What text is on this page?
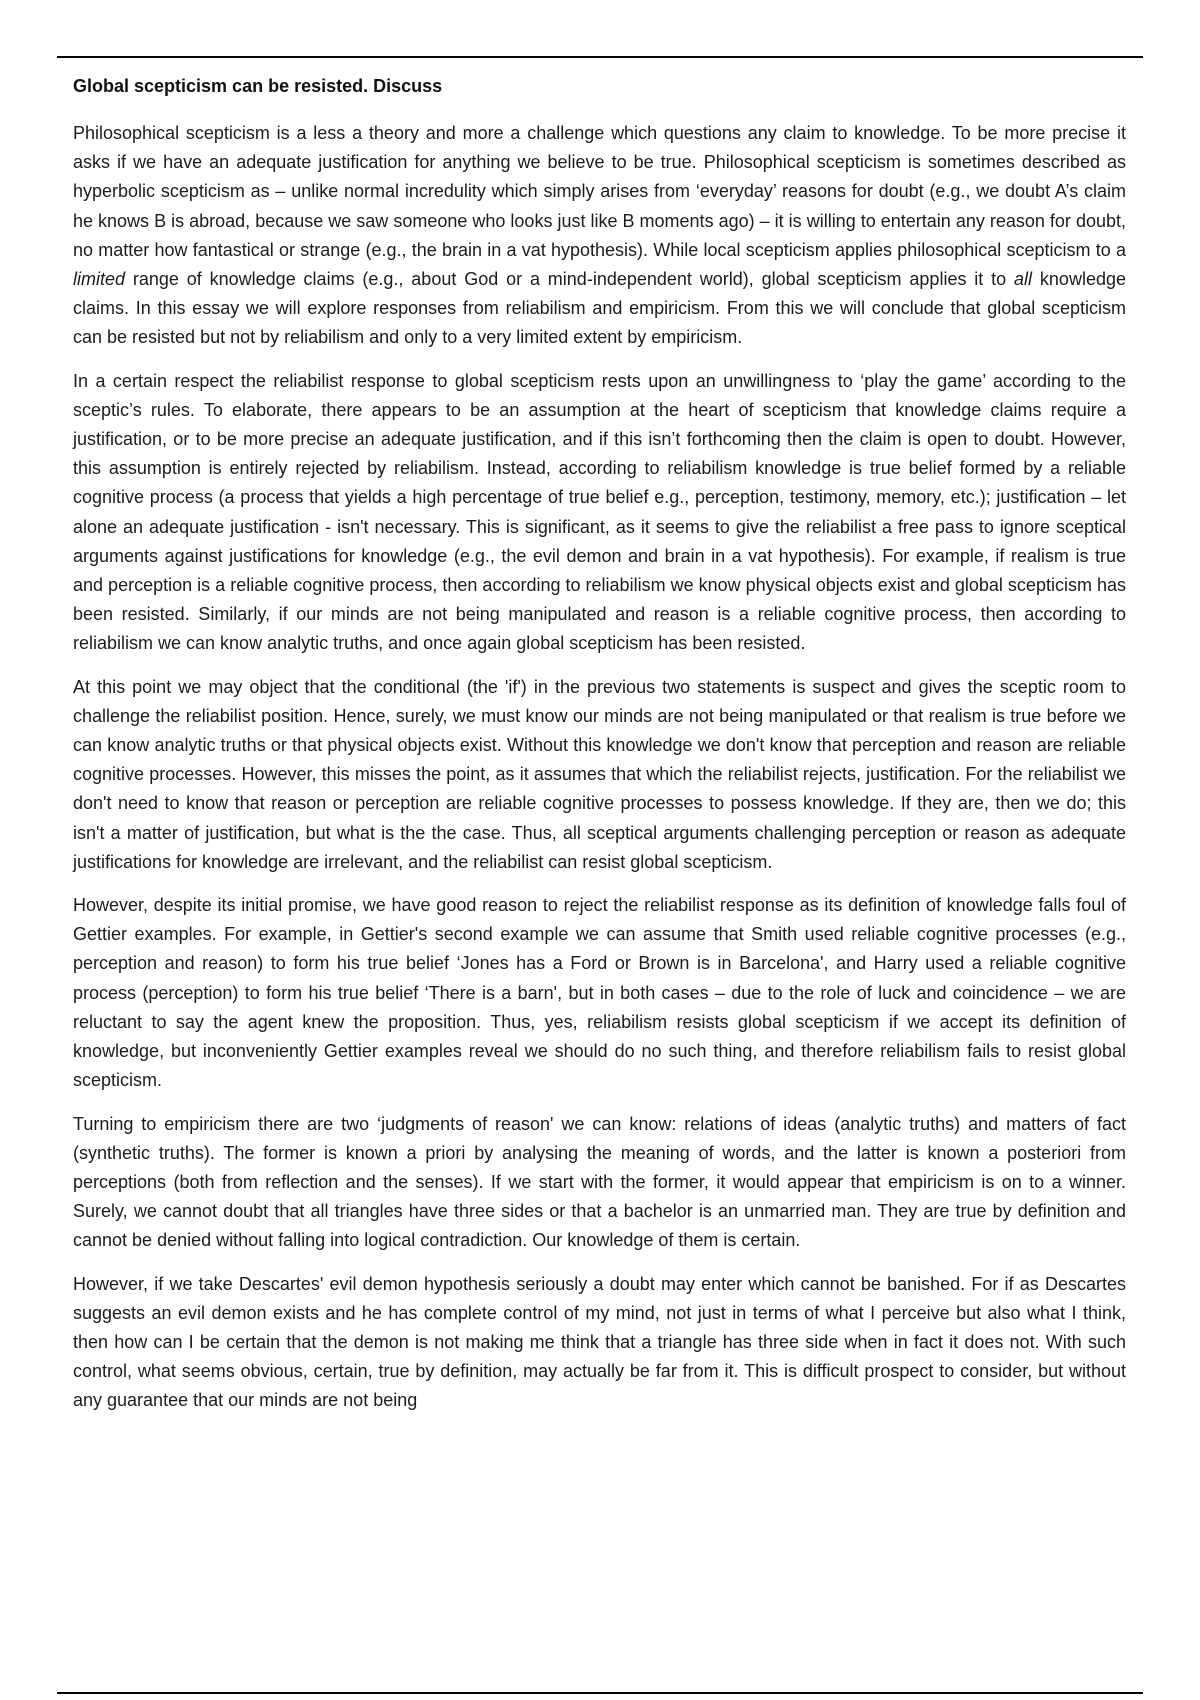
Global scepticism can be resisted. Discuss

Philosophical scepticism is a less a theory and more a challenge which questions any claim to knowledge. To be more precise it asks if we have an adequate justification for anything we believe to be true. Philosophical scepticism is sometimes described as hyperbolic scepticism as – unlike normal incredulity which simply arises from ‘everyday’ reasons for doubt (e.g., we doubt A’s claim he knows B is abroad, because we saw someone who looks just like B moments ago) – it is willing to entertain any reason for doubt, no matter how fantastical or strange (e.g., the brain in a vat hypothesis). While local scepticism applies philosophical scepticism to a limited range of knowledge claims (e.g., about God or a mind-independent world), global scepticism applies it to all knowledge claims. In this essay we will explore responses from reliabilism and empiricism. From this we will conclude that global scepticism can be resisted but not by reliabilism and only to a very limited extent by empiricism.

In a certain respect the reliabilist response to global scepticism rests upon an unwillingness to ‘play the game’ according to the sceptic’s rules. To elaborate, there appears to be an assumption at the heart of scepticism that knowledge claims require a justification, or to be more precise an adequate justification, and if this isn’t forthcoming then the claim is open to doubt. However, this assumption is entirely rejected by reliabilism. Instead, according to reliabilism knowledge is true belief formed by a reliable cognitive process (a process that yields a high percentage of true belief e.g., perception, testimony, memory, etc.); justification – let alone an adequate justification - isn't necessary. This is significant, as it seems to give the reliabilist a free pass to ignore sceptical arguments against justifications for knowledge (e.g., the evil demon and brain in a vat hypothesis). For example, if realism is true and perception is a reliable cognitive process, then according to reliabilism we know physical objects exist and global scepticism has been resisted. Similarly, if our minds are not being manipulated and reason is a reliable cognitive process, then according to reliabilism we can know analytic truths, and once again global scepticism has been resisted.

At this point we may object that the conditional (the 'if') in the previous two statements is suspect and gives the sceptic room to challenge the reliabilist position. Hence, surely, we must know our minds are not being manipulated or that realism is true before we can know analytic truths or that physical objects exist. Without this knowledge we don't know that perception and reason are reliable cognitive processes. However, this misses the point, as it assumes that which the reliabilist rejects, justification. For the reliabilist we don't need to know that reason or perception are reliable cognitive processes to possess knowledge. If they are, then we do; this isn't a matter of justification, but what is the the case. Thus, all sceptical arguments challenging perception or reason as adequate justifications for knowledge are irrelevant, and the reliabilist can resist global scepticism.

However, despite its initial promise, we have good reason to reject the reliabilist response as its definition of knowledge falls foul of Gettier examples. For example, in Gettier's second example we can assume that Smith used reliable cognitive processes (e.g., perception and reason) to form his true belief ‘Jones has a Ford or Brown is in Barcelona', and Harry used a reliable cognitive process (perception) to form his true belief ‘There is a barn', but in both cases – due to the role of luck and coincidence – we are reluctant to say the agent knew the proposition. Thus, yes, reliabilism resists global scepticism if we accept its definition of knowledge, but inconveniently Gettier examples reveal we should do no such thing, and therefore reliabilism fails to resist global scepticism.

Turning to empiricism there are two ‘judgments of reason' we can know: relations of ideas (analytic truths) and matters of fact (synthetic truths). The former is known a priori by analysing the meaning of words, and the latter is known a posteriori from perceptions (both from reflection and the senses). If we start with the former, it would appear that empiricism is on to a winner. Surely, we cannot doubt that all triangles have three sides or that a bachelor is an unmarried man. They are true by definition and cannot be denied without falling into logical contradiction. Our knowledge of them is certain.

However, if we take Descartes' evil demon hypothesis seriously a doubt may enter which cannot be banished. For if as Descartes suggests an evil demon exists and he has complete control of my mind, not just in terms of what I perceive but also what I think, then how can I be certain that the demon is not making me think that a triangle has three side when in fact it does not. With such control, what seems obvious, certain, true by definition, may actually be far from it. This is difficult prospect to consider, but without any guarantee that our minds are not being
